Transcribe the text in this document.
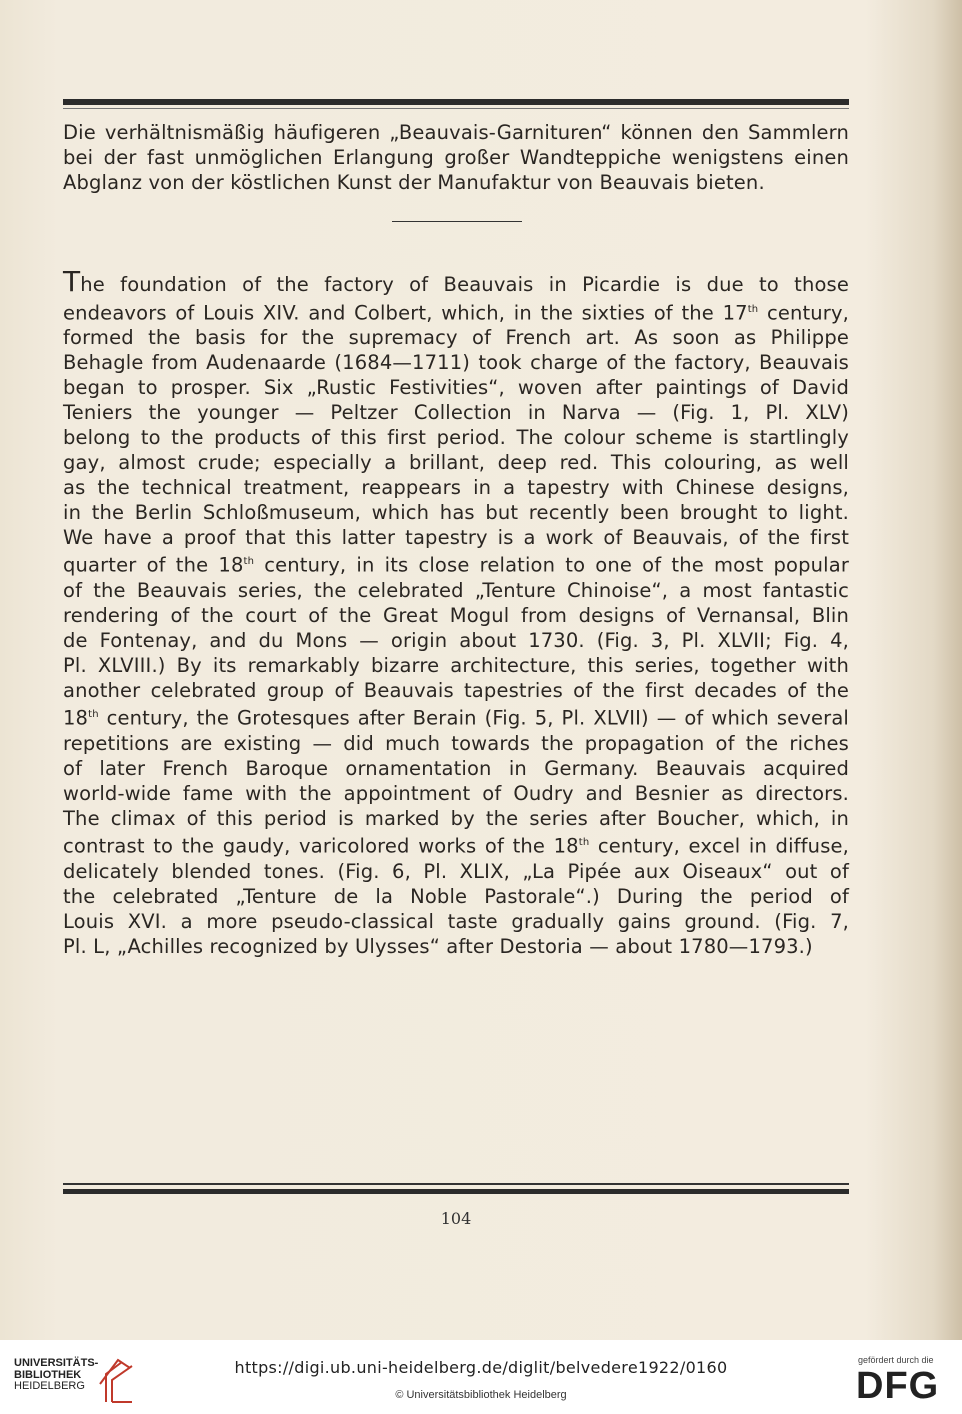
Die verhältnismäßig häufigeren „Beauvais-Garnituren“ können den Sammlern
bei der fast unmöglichen Erlangung großer Wandteppiche wenigstens einen
Abglanz von der köstlichen Kunst der Manufaktur von Beauvais bieten.
The foundation of the factory of Beauvais in Picardie is due to those
endeavors of Louis XIV. and Colbert, which, in the sixties of the 17th century,
formed the basis for the supremacy of French art. As soon as Philippe
Behagle from Audenaarde (1684—1711) took charge of the factory, Beauvais
began to prosper. Six „Rustic Festivities“, woven after paintings of David
Teniers the younger — Peltzer Collection in Narva — (Fig. 1, Pl. XLV)
belong to the products of this first period. The colour scheme is startlingly
gay, almost crude; especially a brillant, deep red. This colouring, as well
as the technical treatment, reappears in a tapestry with Chinese designs,
in the Berlin Schloßmuseum, which has but recently been brought to light.
We have a proof that this latter tapestry is a work of Beauvais, of the first
quarter of the 18th century, in its close relation to one of the most popular
of the Beauvais series, the celebrated „Tenture Chinoise“, a most fantastic
rendering of the court of the Great Mogul from designs of Vernansal, Blin
de Fontenay, and du Mons — origin about 1730. (Fig. 3, Pl. XLVII; Fig. 4,
Pl. XLVIII.) By its remarkably bizarre architecture, this series, together with
another celebrated group of Beauvais tapestries of the first decades of the
18th century, the Grotesques after Berain (Fig. 5, Pl. XLVII) — of which several
repetitions are existing — did much towards the propagation of the riches
of later French Baroque ornamentation in Germany. Beauvais acquired
world-wide fame with the appointment of Oudry and Besnier as directors.
The climax of this period is marked by the series after Boucher, which, in
contrast to the gaudy, varicolored works of the 18th century, excel in diffuse,
delicately blended tones. (Fig. 6, Pl. XLIX, „La Pipée aux Oiseaux“ out of
the celebrated „Tenture de la Noble Pastorale“.) During the period of
Louis XVI. a more pseudo-classical taste gradually gains ground. (Fig. 7,
Pl. L, „Achilles recognized by Ulysses“ after Destoria — about 1780—1793.)
104
UNIVERSITÄTS-
BIBLIOTHEK
HEIDELBERG
https://digi.ub.uni-heidelberg.de/diglit/belvedere1922/0160
© Universitätsbibliothek Heidelberg
gefördert durch die
DFG
